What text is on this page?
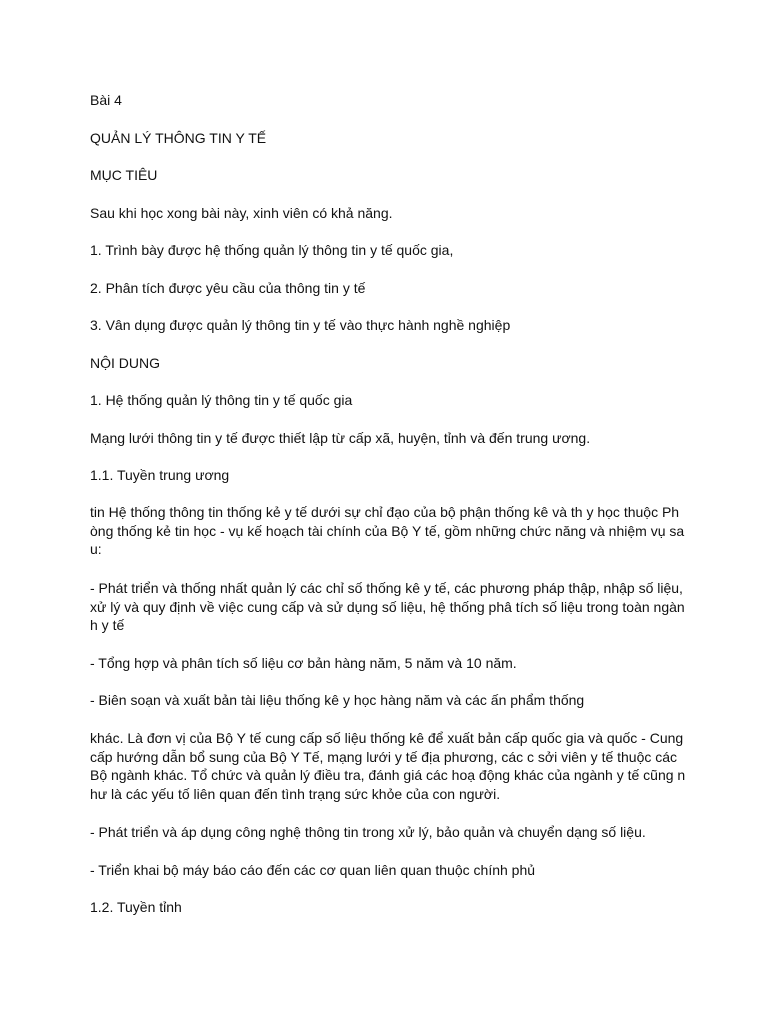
Bài 4

QUẢN LÝ THÔNG TIN Y TẾ

MỤC TIÊU

Sau khi học xong bài này, xinh viên có khả năng.

1. Trình bày được hệ thống quản lý thông tin y tế quốc gia,

2. Phân tích được yêu cầu của thông tin y tế

3. Vân dụng được quản lý thông tin y tế vào thực hành nghề nghiệp

NỘI DUNG

1. Hệ thống quản lý thông tin y tế quốc gia

Mạng lưới thông tin y tế được thiết lập từ cấp xã, huyện, tỉnh và đến trung ương.

1.1. Tuyền trung ương

tin Hệ thống thông tin thống kẻ y tế dưới sự chỉ đạo của bộ phận thống kê và th y học thuộc Ph
òng thống kẻ tin học - vụ kế hoạch tài chính của Bộ Y tế, gồm những chức năng và nhiệm vụ sa
u:

- Phát triển và thống nhất quản lý các chỉ số thống kê y tế, các phương pháp thập, nhập số liệu,
xử lý và quy định về việc cung cấp và sử dụng số liệu, hệ thống phâ tích số liệu trong toàn ngàn
h y tế

- Tổng hợp và phân tích số liệu cơ bản hàng năm, 5 năm và 10 năm.

- Biên soạn và xuất bản tài liệu thống kê y học hàng năm và các ấn phẩm thống

khác. Là đơn vị của Bộ Y tế cung cấp số liệu thống kê để xuất bản cấp quốc gia và quốc - Cung
cấp hướng dẫn bổ sung của Bộ Y Tế, mạng lưới y tế địa phương, các c sởi viên y tế thuộc các
Bộ ngành khác. Tổ chức và quản lý điều tra, đánh giá các hoạ động khác của ngành y tế cũng n
hư là các yếu tố liên quan đến tình trạng sức khỏe của con người.

- Phát triển và áp dụng công nghệ thông tin trong xử lý, bảo quản và chuyển dạng số liệu.

- Triển khai bộ máy báo cáo đến các cơ quan liên quan thuộc chính phủ

1.2. Tuyền tỉnh
